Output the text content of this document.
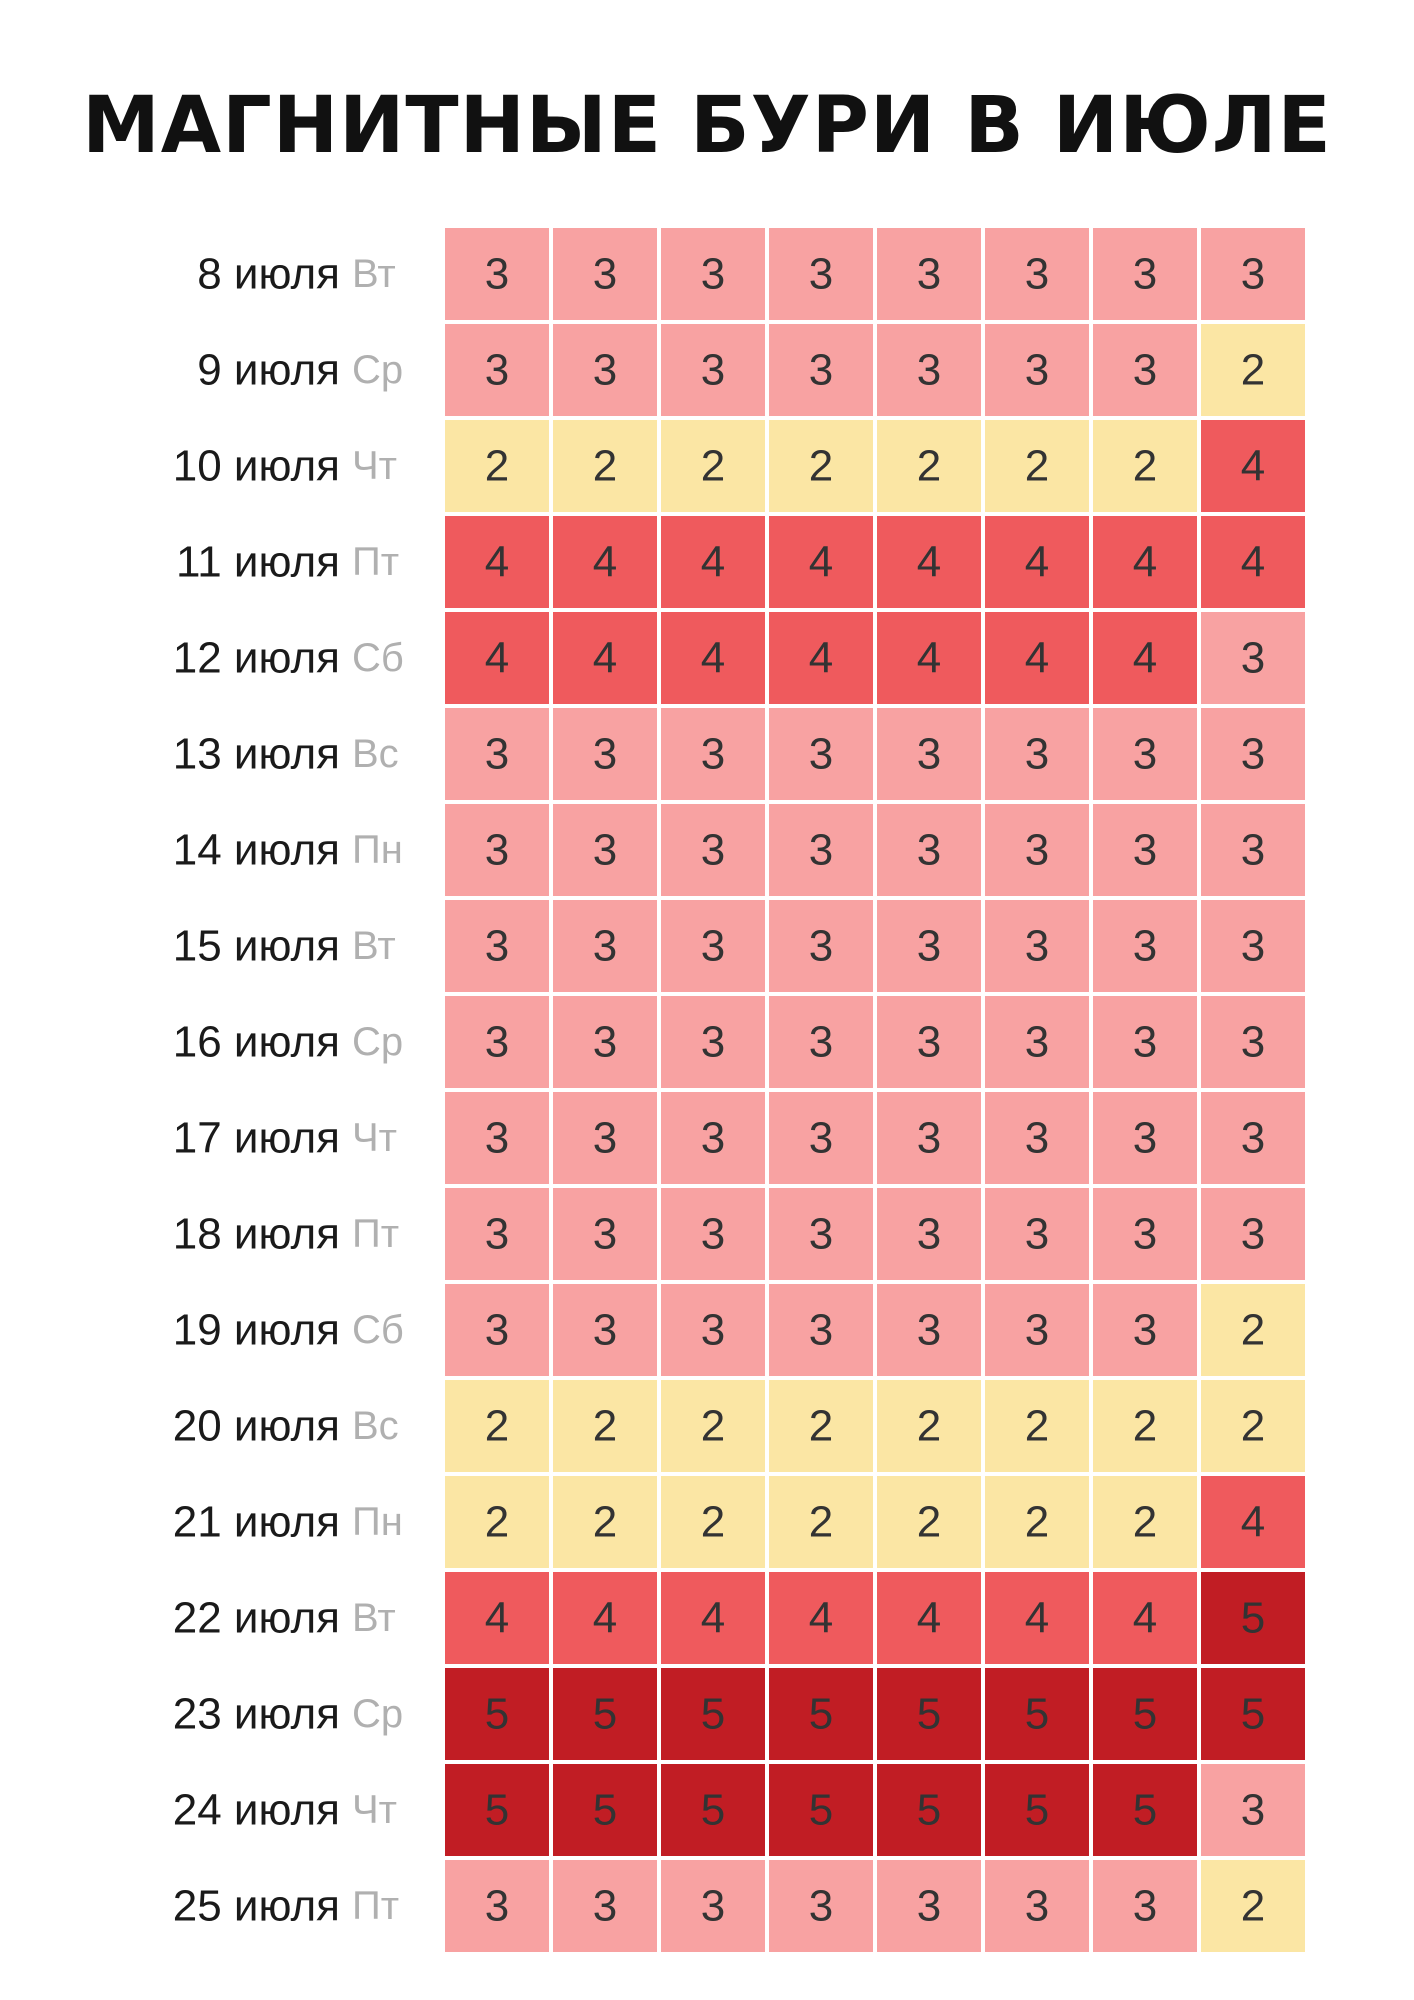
МАГНИТНЫЕ БУРИ В ИЮЛЕ
8 июля Вт 3 3 3 3 3 3 3 3
9 июля Ср 3 3 3 3 3 3 3 2
10 июля Чт 2 2 2 2 2 2 2 4
11 июля Пт 4 4 4 4 4 4 4 4
12 июля Сб 4 4 4 4 4 4 4 3
13 июля Вс 3 3 3 3 3 3 3 3
14 июля Пн 3 3 3 3 3 3 3 3
15 июля Вт 3 3 3 3 3 3 3 3
16 июля Ср 3 3 3 3 3 3 3 3
17 июля Чт 3 3 3 3 3 3 3 3
18 июля Пт 3 3 3 3 3 3 3 3
19 июля Сб 3 3 3 3 3 3 3 2
20 июля Вс 2 2 2 2 2 2 2 2
21 июля Пн 2 2 2 2 2 2 2 4
22 июля Вт 4 4 4 4 4 4 4 5
23 июля Ср 5 5 5 5 5 5 5 5
24 июля Чт 5 5 5 5 5 5 5 3
25 июля Пт 3 3 3 3 3 3 3 2
